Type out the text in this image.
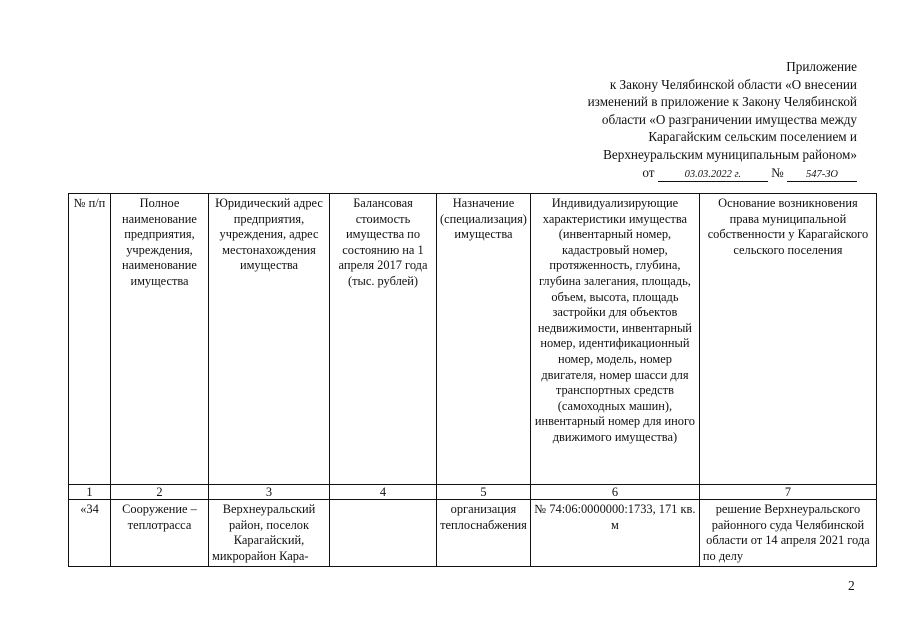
Приложение
к Закону Челябинской области «О внесении
изменений в приложение к Закону Челябинской
области «О разграничении имущества между
Карагайским сельским поселением и
Верхнеуральским муниципальным районом»
от	03.03.2022 г. № 547-ЗО
№ п/п	Полное наименование предприятия, учреждения, наименование имущества	Юридический адрес предприятия, учреждения, адрес местонахождения имущества	Балансовая стоимость имущества по состоянию на 1 апреля 2017 года (тыс. рублей)	Назначение (специализация) имущества	Индивидуализирующие характеристики имущества (инвентарный номер, кадастровый номер, протяженность, глубина, глубина залегания, площадь, объем, высота, площадь застройки для объектов недвижимости, инвентарный номер, идентификационный номер, модель, номер двигателя, номер шасси для транспортных средств (самоходных машин), инвентарный номер для иного движимого имущества)	Основание возникновения права муниципальной собственности у Карагайского сельского поселения
1	2	3	4	5	6	7
«34	Сооружение – теплотрасса	Верхнеуральский район, поселок Карагайский, микрорайон Кара-		организация теплоснабжения	№ 74:06:0000000:1733, 171 кв. м	решение Верхнеуральского районного суда Челябинской области от 14 апреля 2021 года по делу
2
